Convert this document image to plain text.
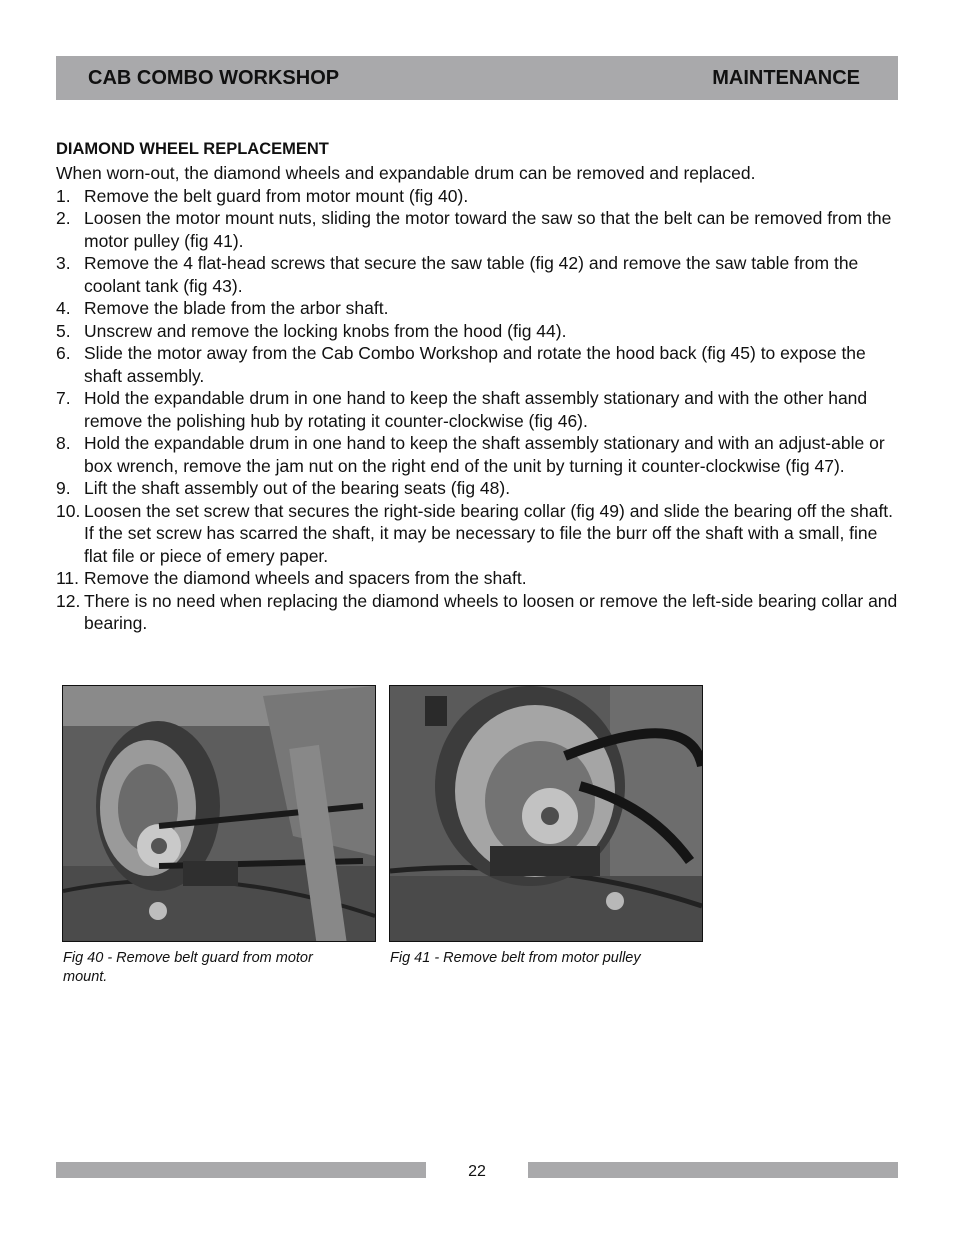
CAB COMBO WORKSHOP	MAINTENANCE
DIAMOND WHEEL REPLACEMENT

When worn-out, the diamond wheels and expandable drum can be removed and replaced.

1. Remove the belt guard from motor mount (fig 40).
2. Loosen the motor mount nuts, sliding the motor toward the saw so that the belt can be removed from the motor pulley (fig 41).
3. Remove the 4 flat-head screws that secure the saw table (fig 42) and remove the saw table from the coolant tank (fig 43).
4. Remove the blade from the arbor shaft.
5. Unscrew and remove the locking knobs from the hood (fig 44).
6. Slide the motor away from the Cab Combo Workshop and rotate the hood back (fig 45) to expose the shaft assembly.
7. Hold the expandable drum in one hand to keep the shaft assembly stationary and with the other hand remove the polishing hub by rotating it counter-clockwise (fig 46).
8. Hold the expandable drum in one hand to keep the shaft assembly stationary and with an adjust-able or box wrench, remove the jam nut on the right end of the unit by turning it counter-clockwise (fig 47).
9. Lift the shaft assembly out of the bearing seats (fig 48).
10. Loosen the set screw that secures the right-side bearing collar (fig 49) and slide the bearing off the shaft. If the set screw has scarred the shaft, it may be necessary to file the burr off the shaft with a small, fine flat file or piece of emery paper.
11. Remove the diamond wheels and spacers from the shaft.
12. There is no need when replacing the diamond wheels to loosen or remove the left-side bearing collar and bearing.
Fig 40 - Remove belt guard from motor mount.
Fig 41 - Remove belt from motor pulley
22
